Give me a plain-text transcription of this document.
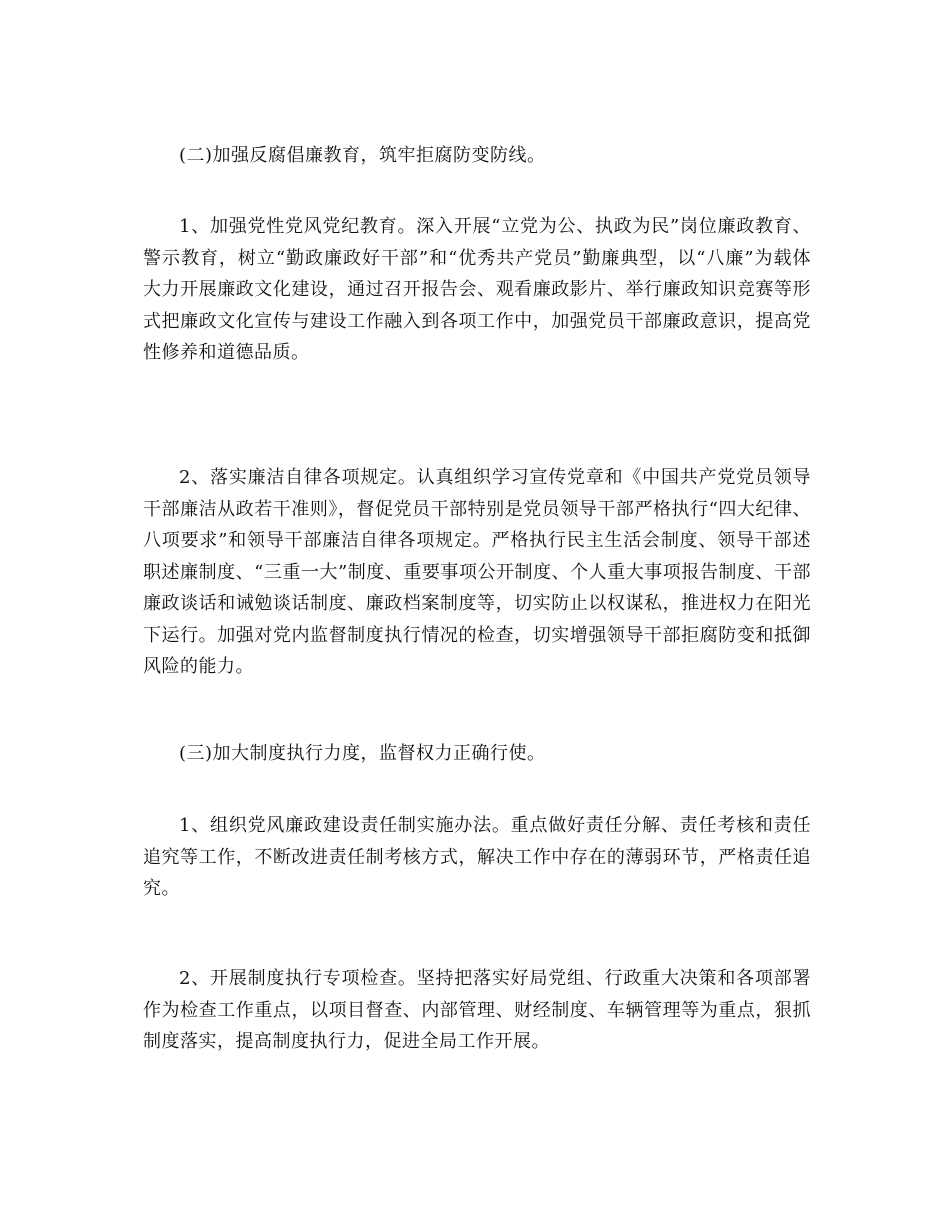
(二)加强反腐倡廉教育，筑牢拒腐防变防线。

1、加强党性党风党纪教育。深入开展“立党为公、执政为民”岗位廉政教育、警示教育，树立“勤政廉政好干部”和“优秀共产党员”勤廉典型，以“八廉”为载体大力开展廉政文化建设，通过召开报告会、观看廉政影片、举行廉政知识竞赛等形式把廉政文化宣传与建设工作融入到各项工作中，加强党员干部廉政意识，提高党性修养和道德品质。

2、落实廉洁自律各项规定。认真组织学习宣传党章和《中国共产党党员领导干部廉洁从政若干准则》，督促党员干部特别是党员领导干部严格执行“四大纪律、八项要求”和领导干部廉洁自律各项规定。严格执行民主生活会制度、领导干部述职述廉制度、“三重一大”制度、重要事项公开制度、个人重大事项报告制度、干部廉政谈话和诫勉谈话制度、廉政档案制度等，切实防止以权谋私，推进权力在阳光下运行。加强对党内监督制度执行情况的检查，切实增强领导干部拒腐防变和抵御风险的能力。

(三)加大制度执行力度，监督权力正确行使。

1、组织党风廉政建设责任制实施办法。重点做好责任分解、责任考核和责任追究等工作，不断改进责任制考核方式，解决工作中存在的薄弱环节，严格责任追究。

2、开展制度执行专项检查。坚持把落实好局党组、行政重大决策和各项部署作为检查工作重点，以项目督查、内部管理、财经制度、车辆管理等为重点，狠抓制度落实，提高制度执行力，促进全局工作开展。
